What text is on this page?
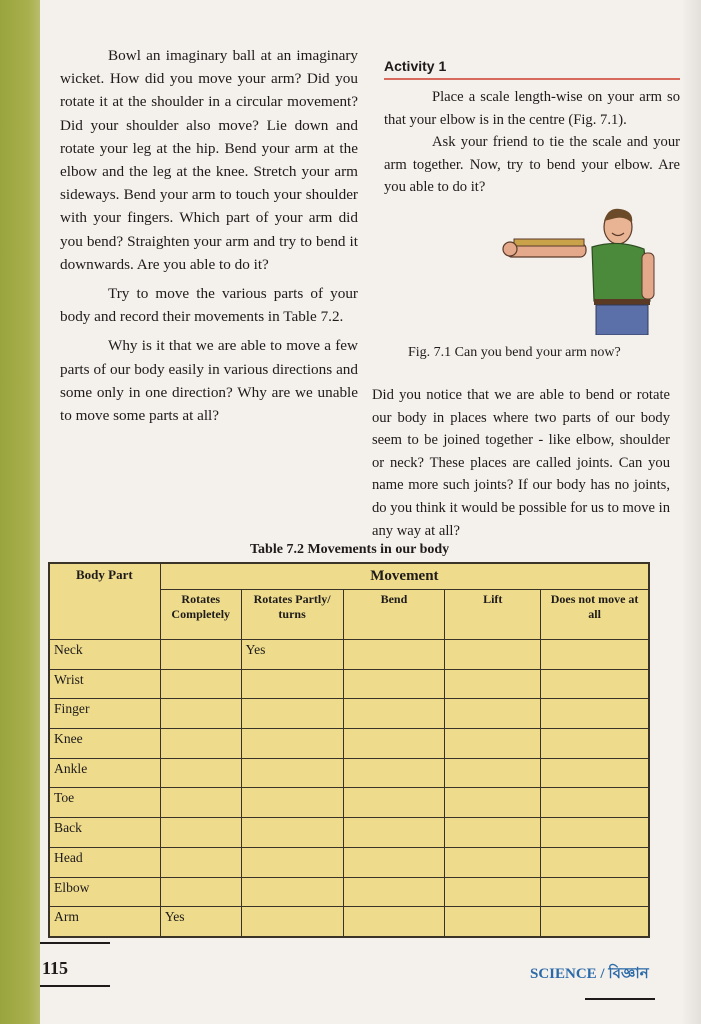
Bowl an imaginary ball at an imaginary wicket. How did you move your arm? Did you rotate it at the shoulder in a circular movement? Did your shoulder also move? Lie down and rotate your leg at the hip. Bend your arm at the elbow and the leg at the knee. Stretch your arm sideways. Bend your arm to touch your shoulder with your fingers. Which part of your arm did you bend? Straighten your arm and try to bend it downwards. Are you able to do it?

Try to move the various parts of your body and record their movements in Table 7.2.

Why is it that we are able to move a few parts of our body easily in various directions and some only in one direction? Why are we unable to move some parts at all?

Activity 1

Place a scale length-wise on your arm so that your elbow is in the centre (Fig. 7.1).

Ask your friend to tie the scale and your arm together. Now, try to bend your elbow. Are you able to do it?

Fig. 7.1 Can you bend your arm now?

Did you notice that we are able to bend or rotate our body in places where two parts of our body seem to be joined together - like elbow, shoulder or neck? These places are called joints. Can you name more such joints? If our body has no joints, do you think it would be possible for us to move in any way at all?

Table 7.2 Movements in our body
Body Part	Movement				
	Rotates Completely	Rotates Partly/ turns	Bend	Lift	Does not move at all
Neck		Yes			
Wrist					
Finger					
Knee					
Ankle					
Toe					
Back					
Head					
Elbow					
Arm	Yes				
115	SCIENCE / বিজ্ঞান
